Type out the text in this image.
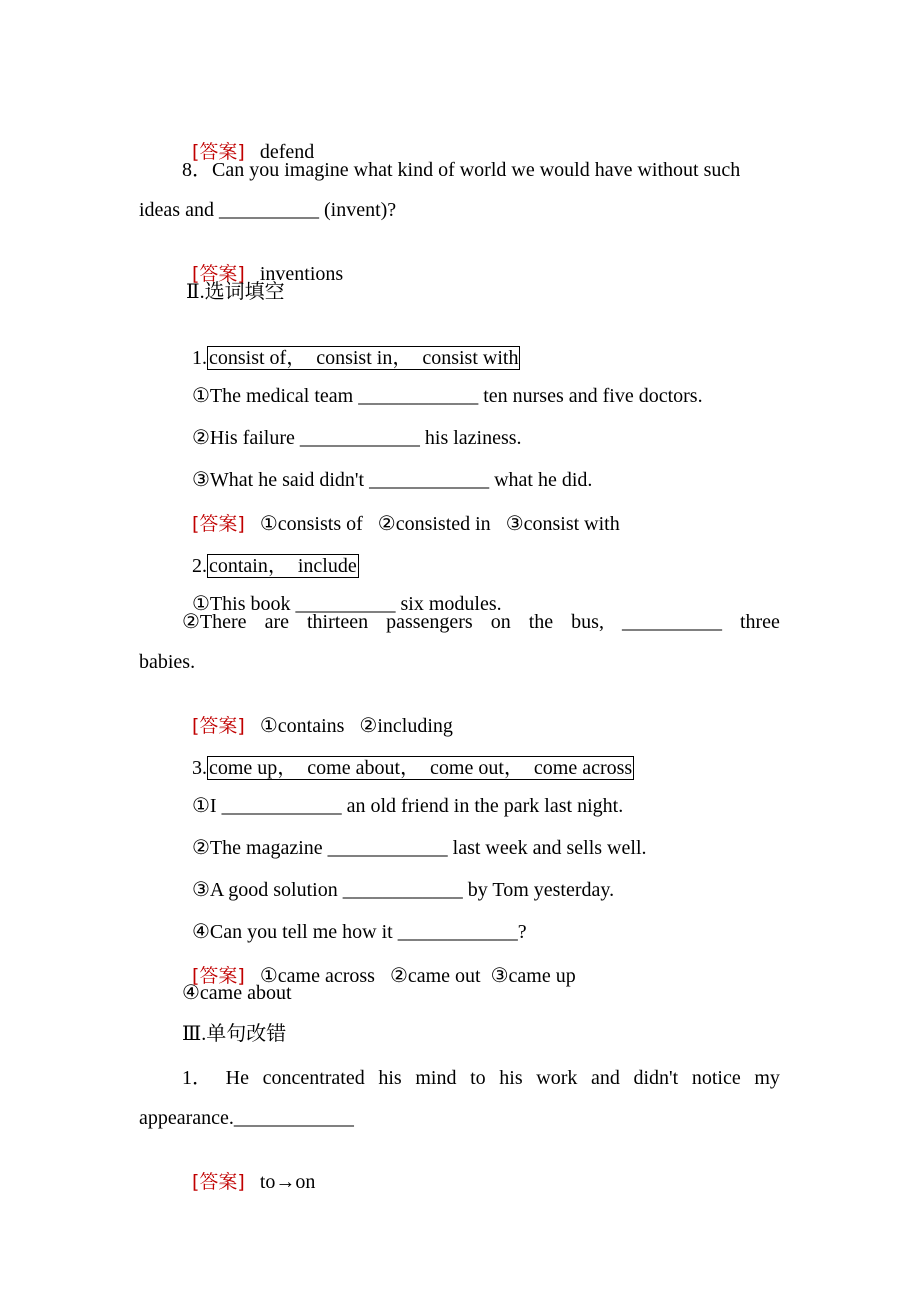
[答案] defend

8．Can you imagine what kind of world we would have without such
ideas and __________ (invent)?

[答案] inventions

Ⅱ.选词填空

1. consist of，  consist in，  consist with

①The medical team ____________ ten nurses and five doctors.

②His failure ____________ his laziness.

③What he said didn't ____________ what he did.

[答案] ①consists of ②consisted in ③consist with

2. contain，  include

①This book __________ six modules.

②There are thirteen passengers on the bus, __________ three
babies.

[答案] ①contains ②including

3. come up，  come about，  come out，  come across

①I ____________ an old friend in the park last night.

②The magazine ____________ last week and sells well.

③A good solution ____________ by Tom yesterday.

④Can you tell me how it ____________?

[答案] ①came across ②came out ③came up

④came about
Ⅲ.单句改错
1． He concentrated his mind to his work and didn't notice my
appearance.____________

[答案] to→on
